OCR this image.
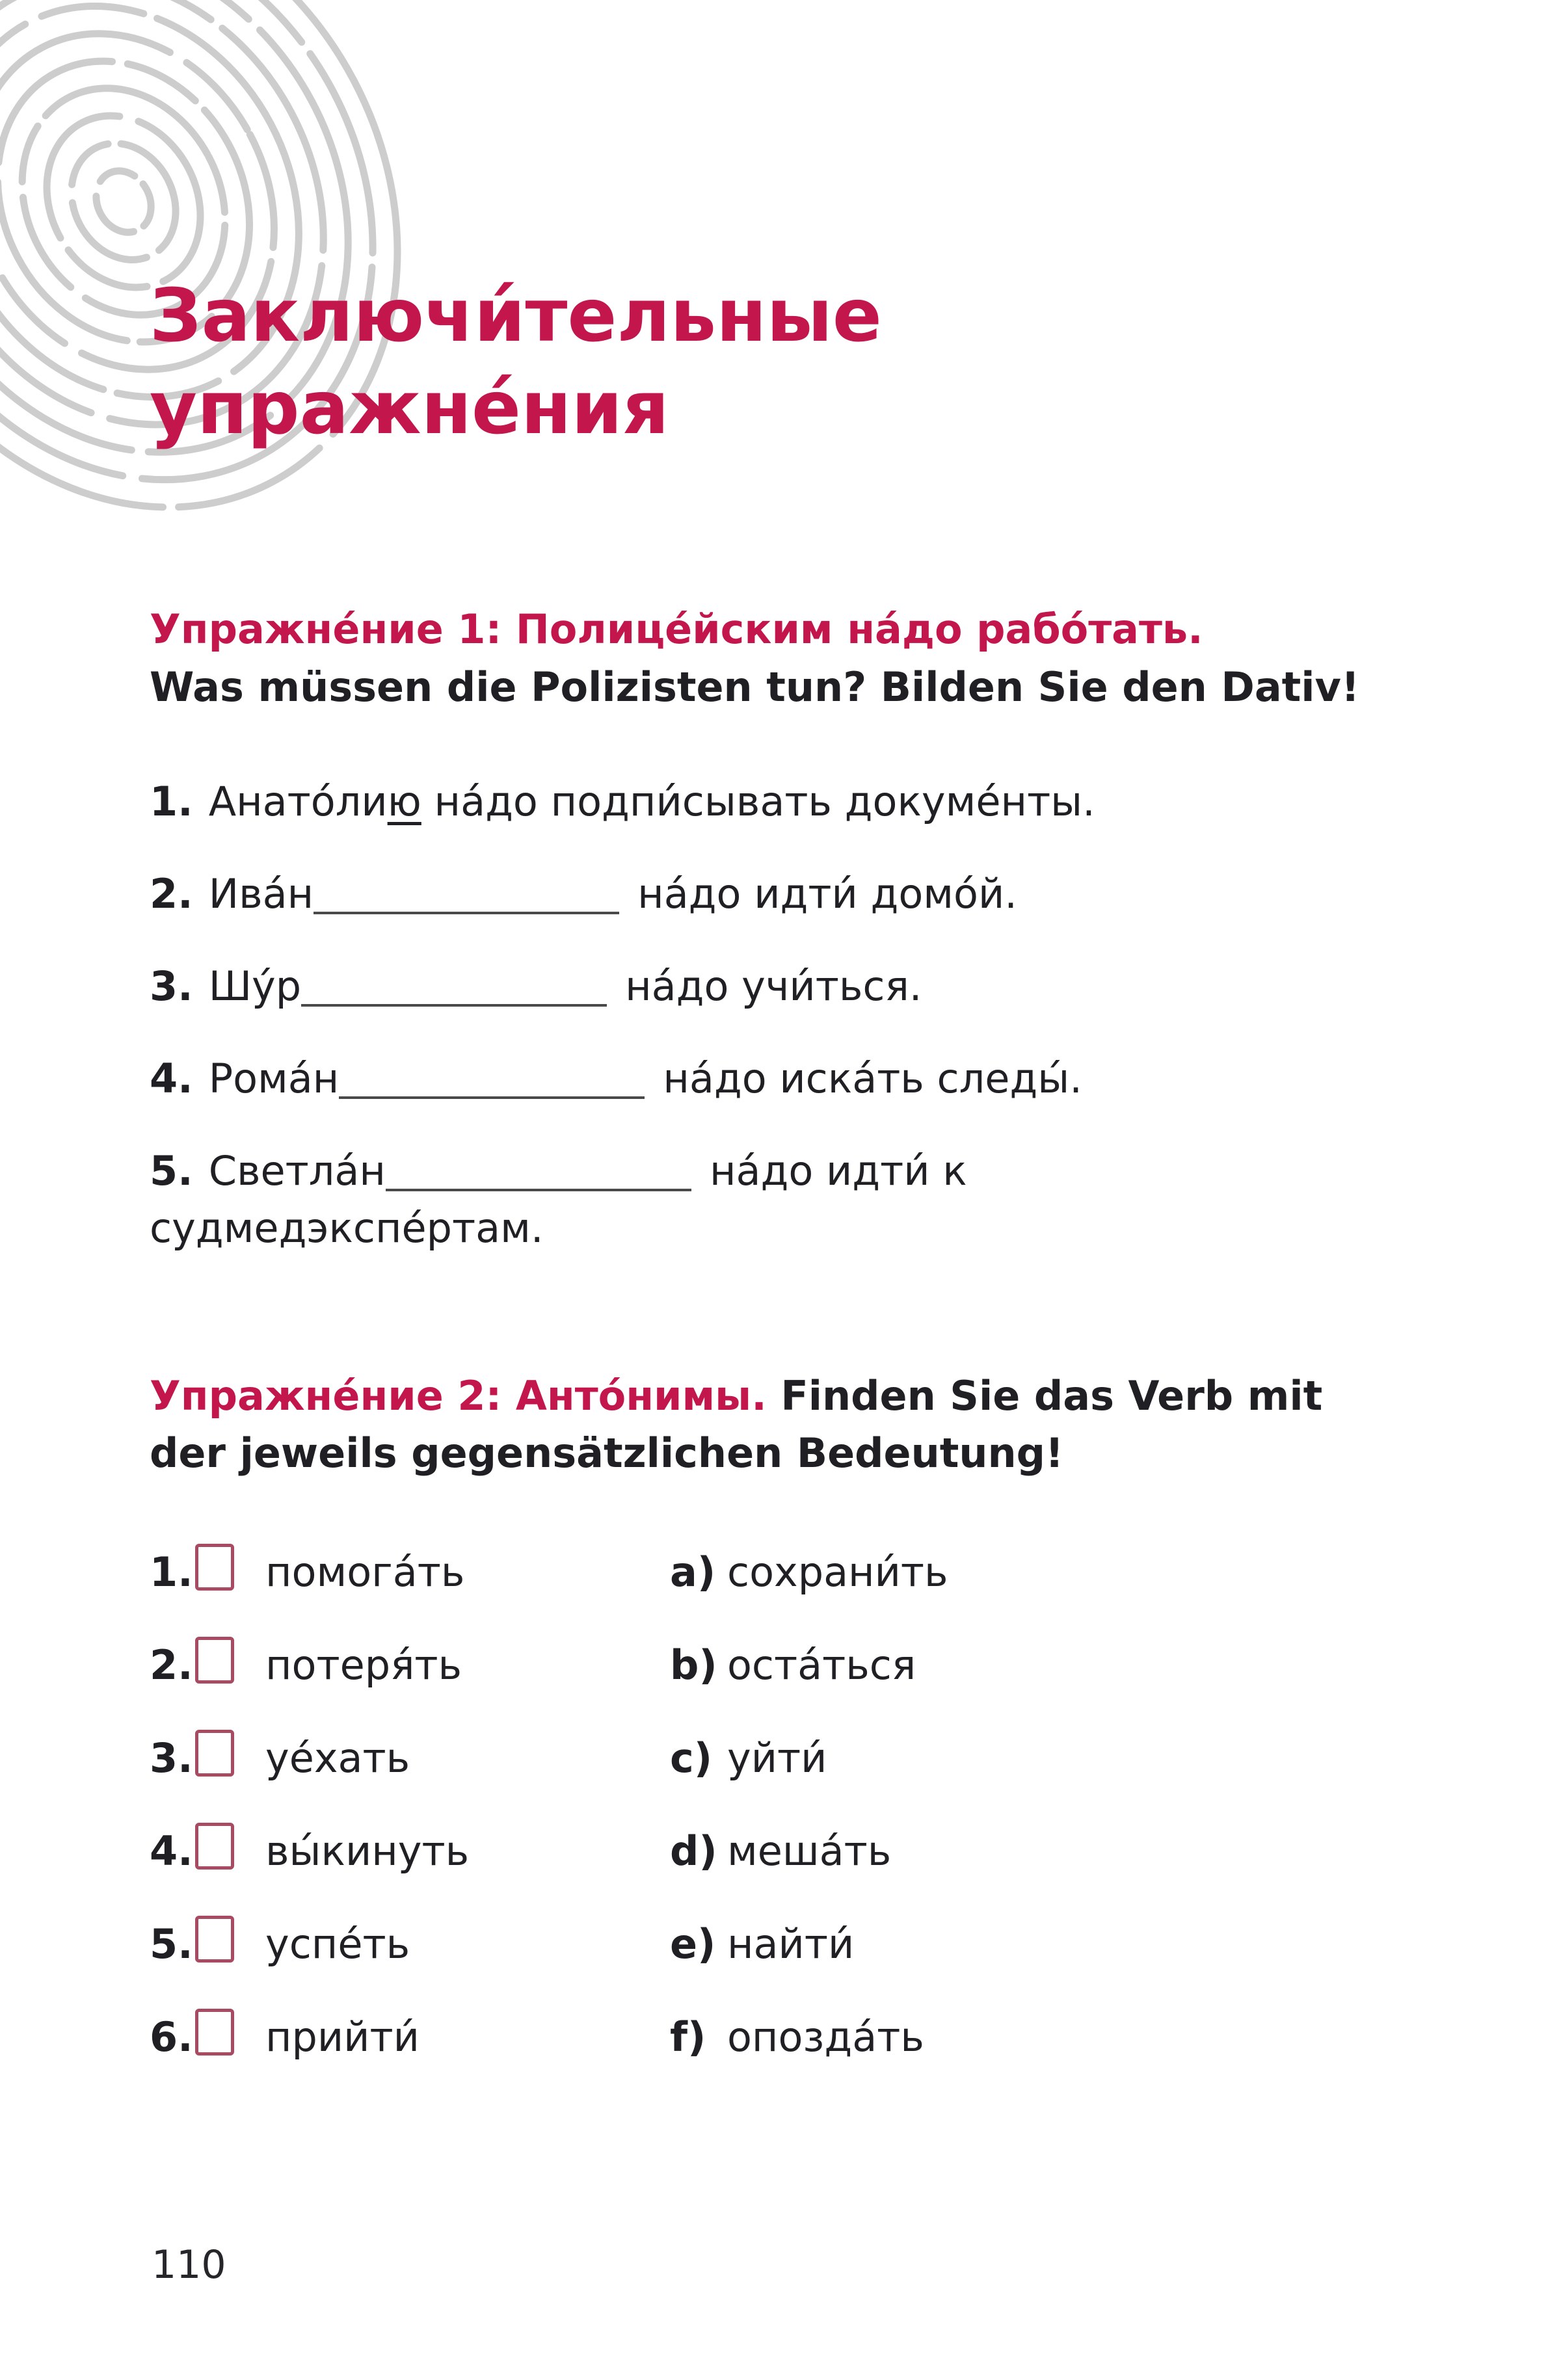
Заключи́тельные
упражне́ния
Упражне́ние 1: Полице́йским на́до рабо́тать.
Was müssen die Polizisten tun? Bilden Sie den Dativ!
1. Анато́лию на́до подпи́сывать докуме́нты.
2. Ива́н	на́до идти́ домо́й.
3. Шу́р	на́до учи́ться.
4. Рома́н	на́до иска́ть следы́.
5. Светла́н	на́до идти́ к
судмедэкспе́ртам.
Упражне́ние 2: Анто́нимы. Finden Sie das Verb mit
der jeweils gegensätzlichen Bedeutung!
1. помога́ть	a) сохрани́ть
2. потеря́ть	b) оста́ться
3. уе́хать	c) уйти́
4. вы́кинуть	d) меша́ть
5. успе́ть	e) найти́
6. прийти́	f) опозда́ть
110
